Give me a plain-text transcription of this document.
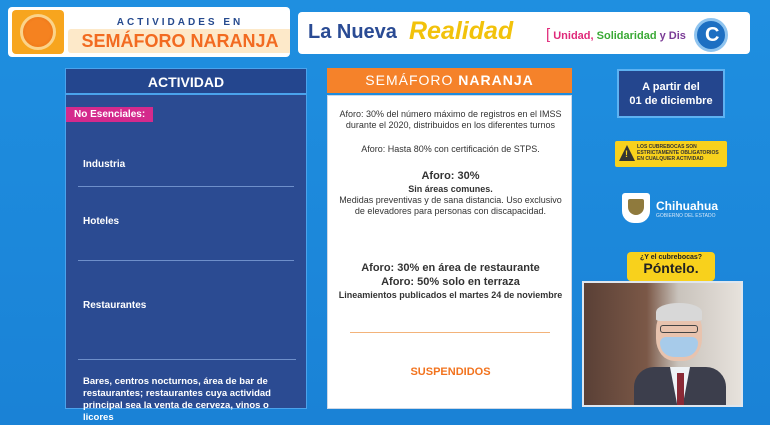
ACTIVIDADES EN
SEMÁFORO NARANJA	La Nueva Realidad [ Unidad, Solidaridad y Dis C
ACTIVIDAD
No Esenciales:
Industria
Hoteles
Restaurantes
Bares, centros nocturnos, área de bar de restaurantes; restaurantes cuya actividad principal sea la venta de cerveza, vinos o licores
SEMÁFORO NARANJA
Aforo: 30% del número máximo de registros en el IMSS durante el 2020, distribuidos en los diferentes turnos
Aforo: Hasta 80% con certificación de STPS.
Aforo: 30%
Sin áreas comunes.
Medidas preventivas y de sana distancia. Uso exclusivo de elevadores para personas con discapacidad.
Aforo: 30% en área de restaurante
Aforo: 50% solo en terraza
Lineamientos publicados el martes 24 de noviembre
SUSPENDIDOS
A partir del
01 de diciembre
!
LOS CUBREBOCAS SON ESTRICTAMENTE OBLIGATORIOS EN CUALQUIER ACTIVIDAD
Chihuahua
GOBIERNO DEL ESTADO
¿Y el cubrebocas?
Póntelo.
